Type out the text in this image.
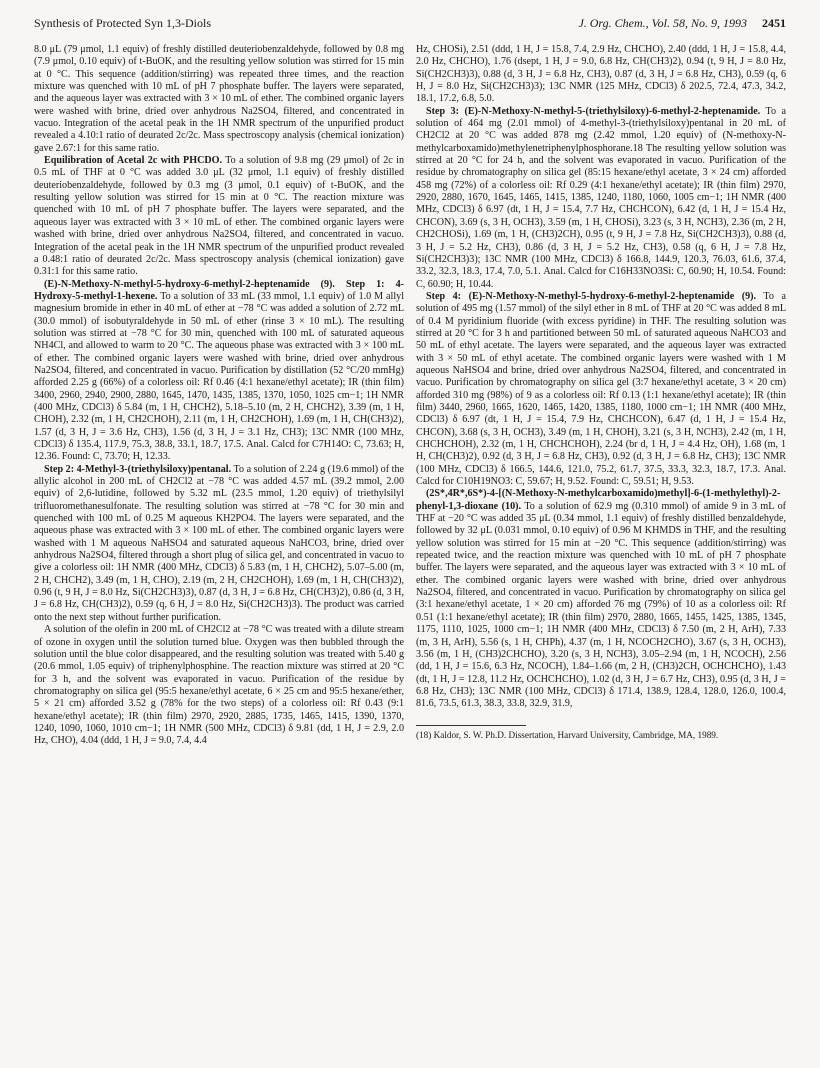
Synthesis of Protected Syn 1,3-Diols	J. Org. Chem., Vol. 58, No. 9, 1993 2451

8.0 μL (79 μmol, 1.1 equiv) of freshly distilled deuteriobenzaldehyde, followed by 0.8 mg (7.9 μmol, 0.10 equiv) of t-BuOK, and the resulting yellow solution was stirred for 15 min at 0 °C. This sequence (addition/stirring) was repeated three times, and the reaction mixture was quenched with 10 mL of pH 7 phosphate buffer. The layers were separated, and the aqueous layer was extracted with 3 × 10 mL of ether. The combined organic layers were washed with brine, dried over anhydrous Na2SO4, filtered, and concentrated in vacuo. Integration of the acetal peak in the 1H NMR spectrum of the unpurified product revealed a 4.10:1 ratio of deurated 2c/2c. Mass spectroscopy analysis (chemical ionization) gave 2.67:1 for this same ratio.

Equilibration of Acetal 2c with PHCDO. To a solution of 9.8 mg (29 μmol) of 2c in 0.5 mL of THF at 0 °C was added 3.0 μL (32 μmol, 1.1 equiv) of freshly distilled deuteriobenzaldehyde, followed by 0.3 mg (3 μmol, 0.1 equiv) of t-BuOK, and the resulting yellow solution was stirred for 15 min at 0 °C. The reaction mixture was quenched with 10 mL of pH 7 phosphate buffer. The layers were separated, and the aqueous layer was extracted with 3 × 10 mL of ether. The combined organic layers were washed with brine, dried over anhydrous Na2SO4, filtered, and concentrated in vacuo. Integration of the acetal peak in the 1H NMR spectrum of the unpurified product revealed a 0.48:1 ratio of deurated 2c/2c. Mass spectroscopy analysis (chemical ionization) gave 0.31:1 for this same ratio.

(E)-N-Methoxy-N-methyl-5-hydroxy-6-methyl-2-heptenamide (9). Step 1: 4-Hydroxy-5-methyl-1-hexene. To a solution of 33 mL (33 mmol, 1.1 equiv) of 1.0 M allyl magnesium bromide in ether in 40 mL of ether at −78 °C was added a solution of 2.72 mL (30.0 mmol) of isobutyraldehyde in 50 mL of ether (rinse 3 × 10 mL). The resulting solution was stirred at −78 °C for 30 min, quenched with 100 mL of saturated aqueous NH4Cl, and allowed to warm to 20 °C. The aqueous phase was extracted with 3 × 100 mL of ether. The combined organic layers were washed with brine, dried over anhydrous Na2SO4, filtered, and concentrated in vacuo. Purification by distillation (52 °C/20 mmHg) afforded 2.25 g (66%) of a colorless oil: Rf 0.46 (4:1 hexane/ethyl acetate); IR (thin film) 3400, 2960, 2940, 2900, 2880, 1645, 1470, 1435, 1385, 1370, 1050, 1025 cm−1; 1H NMR (400 MHz, CDCl3) δ 5.84 (m, 1 H, CHCH2), 5.18–5.10 (m, 2 H, CHCH2), 3.39 (m, 1 H, CHOH), 2.32 (m, 1 H, CH2CHOH), 2.11 (m, 1 H, CH2CHOH), 1.69 (m, 1 H, CH(CH3)2), 1.57 (d, 3 H, J = 3.6 Hz, CH3), 1.56 (d, 3 H, J = 3.1 Hz, CH3); 13C NMR (100 MHz, CDCl3) δ 135.4, 117.9, 75.3, 38.8, 33.1, 18.7, 17.5. Anal. Calcd for C7H14O: C, 73.63; H, 12.36. Found: C, 73.70; H, 12.33.

Step 2: 4-Methyl-3-(triethylsiloxy)pentanal. To a solution of 2.24 g (19.6 mmol) of the allylic alcohol in 200 mL of CH2Cl2 at −78 °C was added 4.57 mL (39.2 mmol, 2.00 equiv) of 2,6-lutidine, followed by 5.32 mL (23.5 mmol, 1.20 equiv) of triethylsilyl trifluoromethanesulfonate. The resulting solution was stirred at −78 °C for 30 min and quenched with 100 mL of 0.25 M aqueous KH2PO4. The layers were separated, and the aqueous phase was extracted with 3 × 100 mL of ether. The combined organic layers were washed with 1 M aqueous NaHSO4 and saturated aqueous NaHCO3, brine, dried over anhydrous Na2SO4, filtered through a short plug of silica gel, and concentrated in vacuo to give a colorless oil: 1H NMR (400 MHz, CDCl3) δ 5.83 (m, 1 H, CHCH2), 5.07–5.00 (m, 2 H, CHCH2), 3.49 (m, 1 H, CHO), 2.19 (m, 2 H, CH2CHOH), 1.69 (m, 1 H, CH(CH3)2), 0.96 (t, 9 H, J = 8.0 Hz, Si(CH2CH3)3), 0.87 (d, 3 H, J = 6.8 Hz, CH(CH3)2), 0.86 (d, 3 H, J = 6.8 Hz, CH(CH3)2), 0.59 (q, 6 H, J = 8.0 Hz, Si(CH2CH3)3). The product was carried onto the next step without further purification.

A solution of the olefin in 200 mL of CH2Cl2 at −78 °C was treated with a dilute stream of ozone in oxygen until the solution turned blue. Oxygen was then bubbled through the solution until the blue color disappeared, and the resulting solution was treated with 5.40 g (20.6 mmol, 1.05 equiv) of triphenylphosphine. The reaction mixture was stirred at 20 °C for 3 h, and the solvent was evaporated in vacuo. Purification of the residue by chromatography on silica gel (95:5 hexane/ethyl acetate, 6 × 25 cm and 95:5 hexane/ether, 5 × 21 cm) afforded 3.52 g (78% for the two steps) of a colorless oil: Rf 0.43 (9:1 hexane/ethyl acetate); IR (thin film) 2970, 2920, 2885, 1735, 1465, 1415, 1390, 1370, 1240, 1090, 1060, 1010 cm−1; 1H NMR (500 MHz, CDCl3) δ 9.81 (dd, 1 H, J = 2.9, 2.0 Hz, CHO), 4.04 (ddd, 1 H, J = 9.0, 7.4, 4.4

Hz, CHOSi), 2.51 (ddd, 1 H, J = 15.8, 7.4, 2.9 Hz, CHCHO), 2.40 (ddd, 1 H, J = 15.8, 4.4, 2.0 Hz, CHCHO), 1.76 (dsept, 1 H, J = 9.0, 6.8 Hz, CH(CH3)2), 0.94 (t, 9 H, J = 8.0 Hz, Si(CH2CH3)3), 0.88 (d, 3 H, J = 6.8 Hz, CH3), 0.87 (d, 3 H, J = 6.8 Hz, CH3), 0.59 (q, 6 H, J = 8.0 Hz, Si(CH2CH3)3); 13C NMR (125 MHz, CDCl3) δ 202.5, 72.4, 47.3, 34.2, 18.1, 17.2, 6.8, 5.0.

Step 3: (E)-N-Methoxy-N-methyl-5-(triethylsiloxy)-6-methyl-2-heptenamide. To a solution of 464 mg (2.01 mmol) of 4-methyl-3-(triethylsiloxy)pentanal in 20 mL of CH2Cl2 at 20 °C was added 878 mg (2.42 mmol, 1.20 equiv) of (N-methoxy-N-methylcarboxamido)methylenetriphenylphosphorane.18 The resulting yellow solution was stirred at 20 °C for 24 h, and the solvent was evaporated in vacuo. Purification of the residue by chromatography on silica gel (85:15 hexane/ethyl acetate, 3 × 24 cm) afforded 458 mg (72%) of a colorless oil: Rf 0.29 (4:1 hexane/ethyl acetate); IR (thin film) 2970, 2920, 2880, 1670, 1645, 1465, 1415, 1385, 1240, 1180, 1060, 1005 cm−1; 1H NMR (400 MHz, CDCl3) δ 6.97 (dt, 1 H, J = 15.4, 7.7 Hz, CHCHCON), 6.42 (d, 1 H, J = 15.4 Hz, CHCON), 3.69 (s, 3 H, OCH3), 3.59 (m, 1 H, CHOSi), 3.23 (s, 3 H, NCH3), 2.36 (m, 2 H, CH2CHOSi), 1.69 (m, 1 H, (CH3)2CH), 0.95 (t, 9 H, J = 7.8 Hz, Si(CH2CH3)3), 0.88 (d, 3 H, J = 5.2 Hz, CH3), 0.86 (d, 3 H, J = 5.2 Hz, CH3), 0.58 (q, 6 H, J = 7.8 Hz, Si(CH2CH3)3); 13C NMR (100 MHz, CDCl3) δ 166.8, 144.9, 120.3, 76.03, 61.6, 37.4, 33.2, 32.3, 18.3, 17.4, 7.0, 5.1. Anal. Calcd for C16H33NO3Si: C, 60.90; H, 10.54. Found: C, 60.90; H, 10.44.

Step 4: (E)-N-Methoxy-N-methyl-5-hydroxy-6-methyl-2-heptenamide (9). To a solution of 495 mg (1.57 mmol) of the silyl ether in 8 mL of THF at 20 °C was added 8 mL of 0.4 M pyridinium fluoride (with excess pyridine) in THF. The resulting solution was stirred at 20 °C for 3 h and partitioned between 50 mL of saturated aqueous NaHCO3 and 50 mL of ethyl acetate. The layers were separated, and the aqueous layer was extracted with 3 × 50 mL of ethyl acetate. The combined organic layers were washed with 1 M aqueous NaHSO4 and brine, dried over anhydrous Na2SO4, filtered, and concentrated in vacuo. Purification by chromatography on silica gel (3:7 hexane/ethyl acetate, 3 × 20 cm) afforded 310 mg (98%) of 9 as a colorless oil: Rf 0.13 (1:1 hexane/ethyl acetate); IR (thin film) 3440, 2960, 1665, 1620, 1465, 1420, 1385, 1180, 1000 cm−1; 1H NMR (400 MHz, CDCl3) δ 6.97 (dt, 1 H, J = 15.4, 7.9 Hz, CHCHCON), 6.47 (d, 1 H, J = 15.4 Hz, CHCON), 3.68 (s, 3 H, OCH3), 3.49 (m, 1 H, CHOH), 3.21 (s, 3 H, NCH3), 2.42 (m, 1 H, CHCHCHOH), 2.32 (m, 1 H, CHCHCHOH), 2.24 (br d, 1 H, J = 4.4 Hz, OH), 1.68 (m, 1 H, CH(CH3)2), 0.92 (d, 3 H, J = 6.8 Hz, CH3), 0.92 (d, 3 H, J = 6.8 Hz, CH3); 13C NMR (100 MHz, CDCl3) δ 166.5, 144.6, 121.0, 75.2, 61.7, 37.5, 33.3, 32.3, 18.7, 17.3. Anal. Calcd for C10H19NO3: C, 59.67; H, 9.52. Found: C, 59.51; H, 9.53.

(2S*,4R*,6S*)-4-[(N-Methoxy-N-methylcarboxamido)methyl]-6-(1-methylethyl)-2-phenyl-1,3-dioxane (10). To a solution of 62.9 mg (0.310 mmol) of amide 9 in 3 mL of THF at −20 °C was added 35 μL (0.34 mmol, 1.1 equiv) of freshly distilled benzaldehyde, followed by 32 μL (0.031 mmol, 0.10 equiv) of 0.96 M KHMDS in THF, and the resulting yellow solution was stirred for 15 min at −20 °C. This sequence (addition/stirring) was repeated twice, and the reaction mixture was quenched with 10 mL of pH 7 phosphate buffer. The layers were separated, and the aqueous layer was extracted with 3 × 10 mL of ether. The combined organic layers were washed with brine, dried over anhydrous Na2SO4, filtered, and concentrated in vacuo. Purification by chromatography on silica gel (3:1 hexane/ethyl acetate, 1 × 20 cm) afforded 76 mg (79%) of 10 as a colorless oil: Rf 0.51 (1:1 hexane/ethyl acetate); IR (thin film) 2970, 2880, 1665, 1455, 1425, 1385, 1345, 1175, 1110, 1025, 1000 cm−1; 1H NMR (400 MHz, CDCl3) δ 7.50 (m, 2 H, ArH), 7.33 (m, 3 H, ArH), 5.56 (s, 1 H, CHPh), 4.37 (m, 1 H, NCOCH2CHO), 3.67 (s, 3 H, OCH3), 3.56 (m, 1 H, (CH3)2CHCHO), 3.20 (s, 3 H, NCH3), 3.05–2.94 (m, 1 H, NCOCH), 2.56 (dd, 1 H, J = 15.6, 6.3 Hz, NCOCH), 1.84–1.66 (m, 2 H, (CH3)2CH, OCHCHCHO), 1.43 (dt, 1 H, J = 12.8, 11.2 Hz, OCHCHCHO), 1.02 (d, 3 H, J = 6.7 Hz, CH3), 0.95 (d, 3 H, J = 6.8 Hz, CH3); 13C NMR (100 MHz, CDCl3) δ 171.4, 138.9, 128.4, 128.0, 126.0, 100.4, 81.6, 73.5, 61.3, 38.3, 33.8, 32.9, 31.9,

(18) Kaldor, S. W. Ph.D. Dissertation, Harvard University, Cambridge, MA, 1989.
